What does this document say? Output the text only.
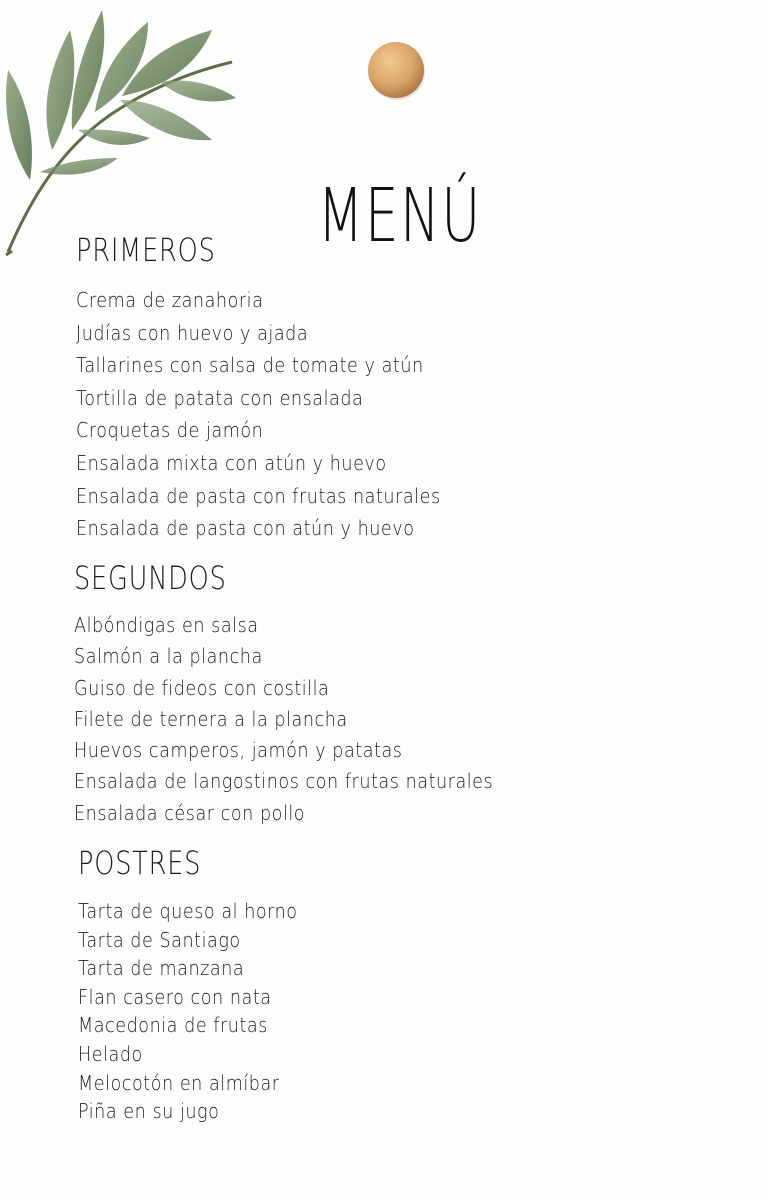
MENÚ
PRIMEROS
Crema de zanahoria
Judías con huevo y ajada
Tallarines con salsa de tomate y atún
Tortilla de patata con ensalada
Croquetas de jamón
Ensalada mixta con atún y huevo
Ensalada de pasta con frutas naturales
Ensalada de pasta con atún y huevo
SEGUNDOS
Albóndigas en salsa
Salmón a la plancha
Guiso de fideos con costilla
Filete de ternera a la plancha
Huevos camperos, jamón y patatas
Ensalada de langostinos con frutas naturales
Ensalada césar con pollo
POSTRES
Tarta de queso al horno
Tarta de Santiago
Tarta de manzana
Flan casero con nata
Macedonia de frutas
Helado
Melocotón en almíbar
Piña en su jugo
